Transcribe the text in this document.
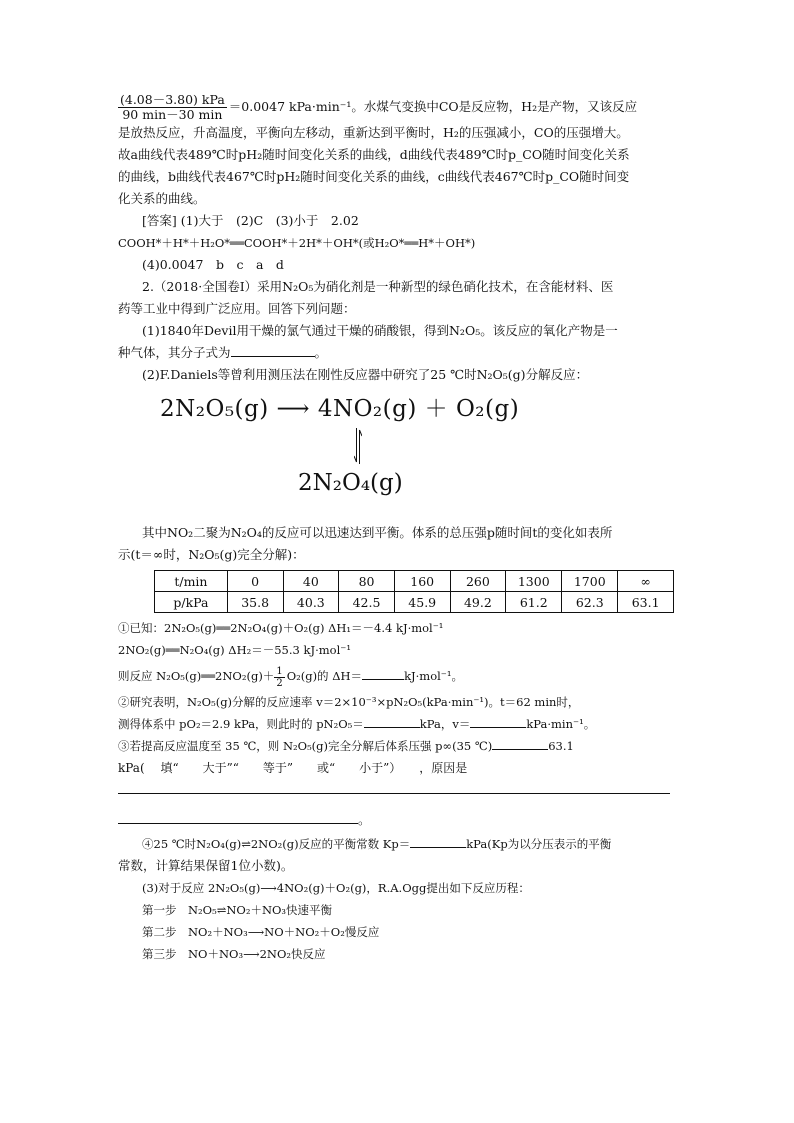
$\frac{\text{(4.08－3.80) kPa}}{90 \min-30 \min} =0.0047$ kPa·min⁻¹。水煤气变换中CO是反应物，H₂是产物，又该反应
是放热反应，升高温度，平衡向左移动，重新达到平衡时，H₂的压强减小，CO的压强增大。
故a曲线代表489℃时pH₂随时间变化关系的曲线，d曲线代表489℃时p_CO随时间变化关系
的曲线，b曲线代表467℃时pH₂随时间变化关系的曲线，c曲线代表467℃时p_CO随时间变
化关系的曲线。
[答案] (1)大于　(2)C　(3)小于　2.02
COOH*＋H*＋H₂O*══COOH*＋2H*＋OH*(或H₂O*══H*＋OH*)
(4)0.0047　b　c　a　d
2.（2018·全国卷Ⅰ）采用N₂O₅为硝化剂是一种新型的绿色硝化技术，在含能材料、医
药等工业中得到广泛应用。回答下列问题：
(1)1840年Devil用干燥的氯气通过干燥的硝酸银，得到N₂O₅。该反应的氧化产物是一
种气体，其分子式为	。
(2)F.Daniels等曾利用测压法在刚性反应器中研究了25 ℃时N₂O₅(g)分解反应：
2N₂O₅(g) ⟶ 4NO₂(g) ＋ O₂(g)
2N₂O₄(g)
其中NO₂二聚为N₂O₄的反应可以迅速达到平衡。体系的总压强p随时间t的变化如表所
示(t＝∞时，N₂O₅(g)完全分解)：
t/min	0	40	80	160	260	1300	1700	∞
p/kPa	35.8	40.3	42.5	45.9	49.2	61.2	62.3	63.1
①已知：2N₂O₅(g)══2N₂O₄(g)＋O₂(g) ΔH₁＝－4.4 kJ·mol⁻¹
2NO₂(g)══N₂O₄(g) ΔH₂＝－55.3 kJ·mol⁻¹
则反应 N₂O₅(g)══2NO₂(g)＋ $\frac{1}{2} O_2(g)$的 ΔH＝	kJ·mol⁻¹。
②研究表明，N₂O₅(g)分解的反应速率 v＝2×10⁻³×pN₂O₅(kPa·min⁻¹)。t＝62 min时，
测得体系中 pO₂＝2.9 kPa，则此时的 pN₂O₅＝	kPa，v＝	kPa·min⁻¹。
③若提高反应温度至 35 ℃，则 N₂O₅(g)完全分解后体系压强 p∞(35 ℃)	63.1
kPa(　 填“　　大于”“　　等于”　　或“　　小于”）　　，原因是
。
④25 ℃时N₂O₄(g)⇌2NO₂(g)反应的平衡常数 Kp＝	kPa(Kp为以分压表示的平衡
常数，计算结果保留1位小数)。
(3)对于反应 2N₂O₅(g)⟶4NO₂(g)＋O₂(g)，R.A.Ogg提出如下反应历程：
第一步　N₂O₅⇌NO₂＋NO₃快速平衡
第二步　NO₂＋NO₃⟶NO＋NO₂＋O₂慢反应
第三步　NO＋NO₃⟶2NO₂快反应
